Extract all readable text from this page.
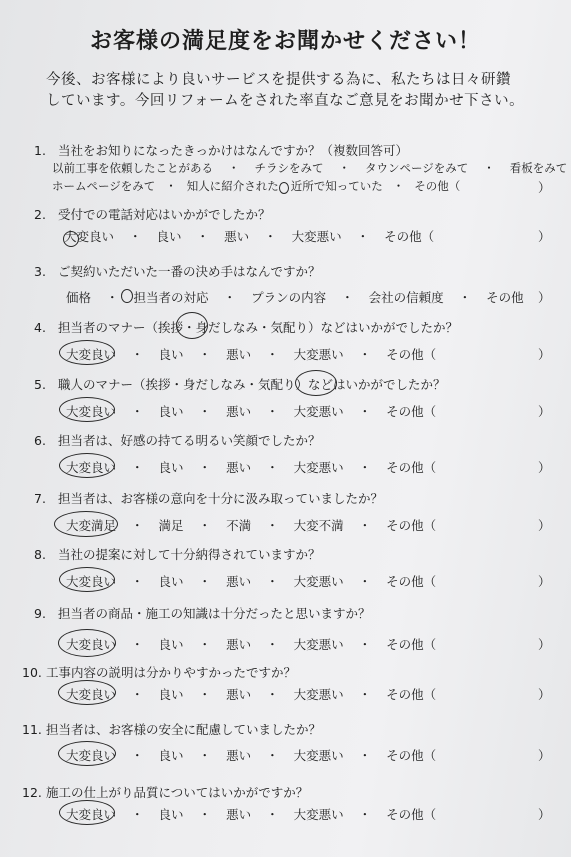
お客様の満足度をお聞かせください！
今後、お客様により良いサービスを提供する為に、私たちは日々研鑽
しています。今回リフォームをされた率直なご意見をお聞かせ下さい。
1. 当社をお知りになったきっかけはなんですか？（複数回答可）
以前工事を依頼したことがある ・ チラシをみて ・ タウンページをみて ・ 看板をみて
ホームページをみて ・ 知人に紹介された 近所で知っていた ・ その他（	）
2. 受付での電話対応はいかがでしたか？
大変良い ・ 良い ・ 悪い ・ 大変悪い ・ その他（	）
3. ご契約いただいた一番の決め手はなんですか？
価格 ・ 担当者の対応 ・ プランの内容 ・ 会社の信頼度 ・ その他 ）
4. 担当者のマナー（挨拶・身だしなみ・気配り）などはいかがでしたか？
大変良い ・ 良い ・ 悪い ・ 大変悪い ・ その他（	）
5. 職人のマナー（挨拶・身だしなみ・気配り）などはいかがでしたか？
大変良い ・ 良い ・ 悪い ・ 大変悪い ・ その他（	）
6. 担当者は、好感の持てる明るい笑顔でしたか？
大変良い ・ 良い ・ 悪い ・ 大変悪い ・ その他（	）
7. 担当者は、お客様の意向を十分に汲み取っていましたか？
大変満足 ・ 満足 ・ 不満 ・ 大変不満 ・ その他（	）
8. 当社の提案に対して十分納得されていますか？
大変良い ・ 良い ・ 悪い ・ 大変悪い ・ その他（	）
9. 担当者の商品・施工の知識は十分だったと思いますか？
大変良い ・ 良い ・ 悪い ・ 大変悪い ・ その他（	）
10. 工事内容の説明は分かりやすかったですか？
大変良い ・ 良い ・ 悪い ・ 大変悪い ・ その他（	）
11. 担当者は、お客様の安全に配慮していましたか？
大変良い ・ 良い ・ 悪い ・ 大変悪い ・ その他（	）
12. 施工の仕上がり品質についてはいかがですか？
大変良い ・ 良い ・ 悪い ・ 大変悪い ・ その他（	）
